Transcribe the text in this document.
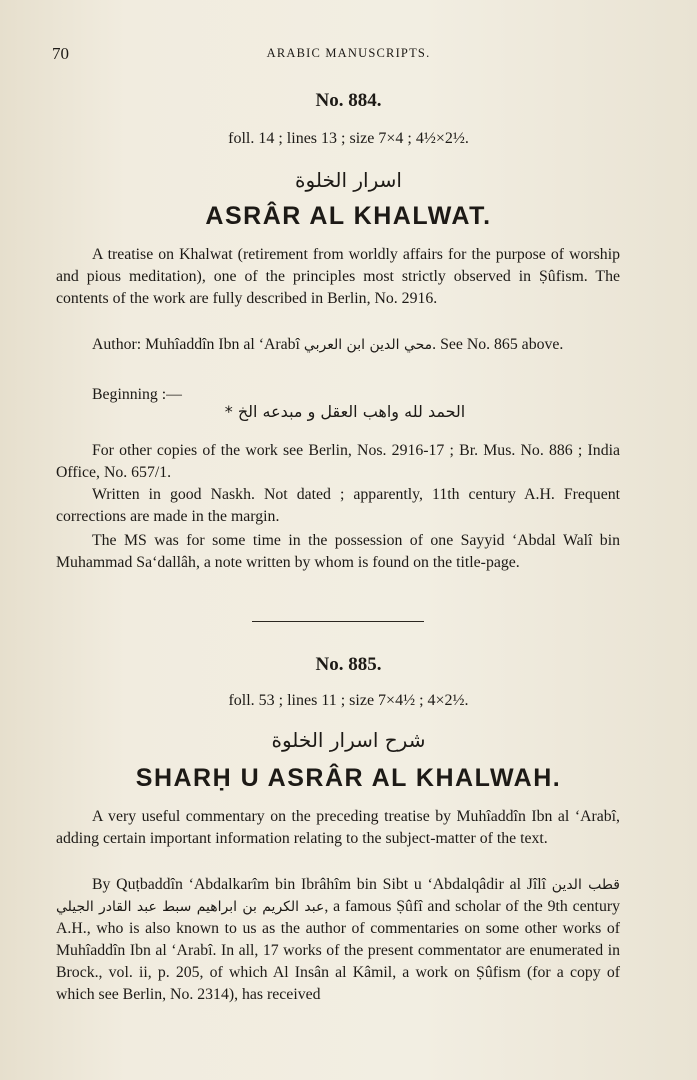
70	ARABIC MANUSCRIPTS.
No. 884.
foll. 14 ; lines 13 ; size 7×4 ; 4½×2½.
اسرار الخلوة
ASRÂR AL KHALWAT.

A treatise on Khalwat (retirement from worldly affairs for the purpose of worship and pious meditation), one of the principles most strictly observed in Ṣûfism. The contents of the work are fully described in Berlin, No. 2916.

Author: Muhîaddîn Ibn al ‘Arabî محي الدين ابن العربي. See No. 865 above.

Beginning :—
الحمد لله واهب العقل و مبدعه الخ *

For other copies of the work see Berlin, Nos. 2916-17 ; Br. Mus. No. 886 ; India Office, No. 657/1.

Written in good Naskh. Not dated ; apparently, 11th century A.H. Frequent corrections are made in the margin.

The MS was for some time in the possession of one Sayyid ‘Abdal Walî bin Muhammad Sa‘dallâh, a note written by whom is found on the title-page.

No. 885.
foll. 53 ; lines 11 ; size 7×4½ ; 4×2½.
شرح اسرار الخلوة
SHARḤ U ASRÂR AL KHALWAH.

A very useful commentary on the preceding treatise by Muhîaddîn Ibn al ‘Arabî, adding certain important information relating to the subject-matter of the text.

By Quṭbaddîn ‘Abdalkarîm bin Ibrâhîm bin Sibt u ‘Abdalqâdir al Jîlî قطب الدين عبد الكريم بن ابراهيم سبط عبد القادر الجيلي, a famous Ṣûfî and scholar of the 9th century A.H., who is also known to us as the author of commentaries on some other works of Muhîaddîn Ibn al ‘Arabî. In all, 17 works of the present commentator are enumerated in Brock., vol. ii, p. 205, of which Al Insân al Kâmil, a work on Ṣûfism (for a copy of which see Berlin, No. 2314), has received
